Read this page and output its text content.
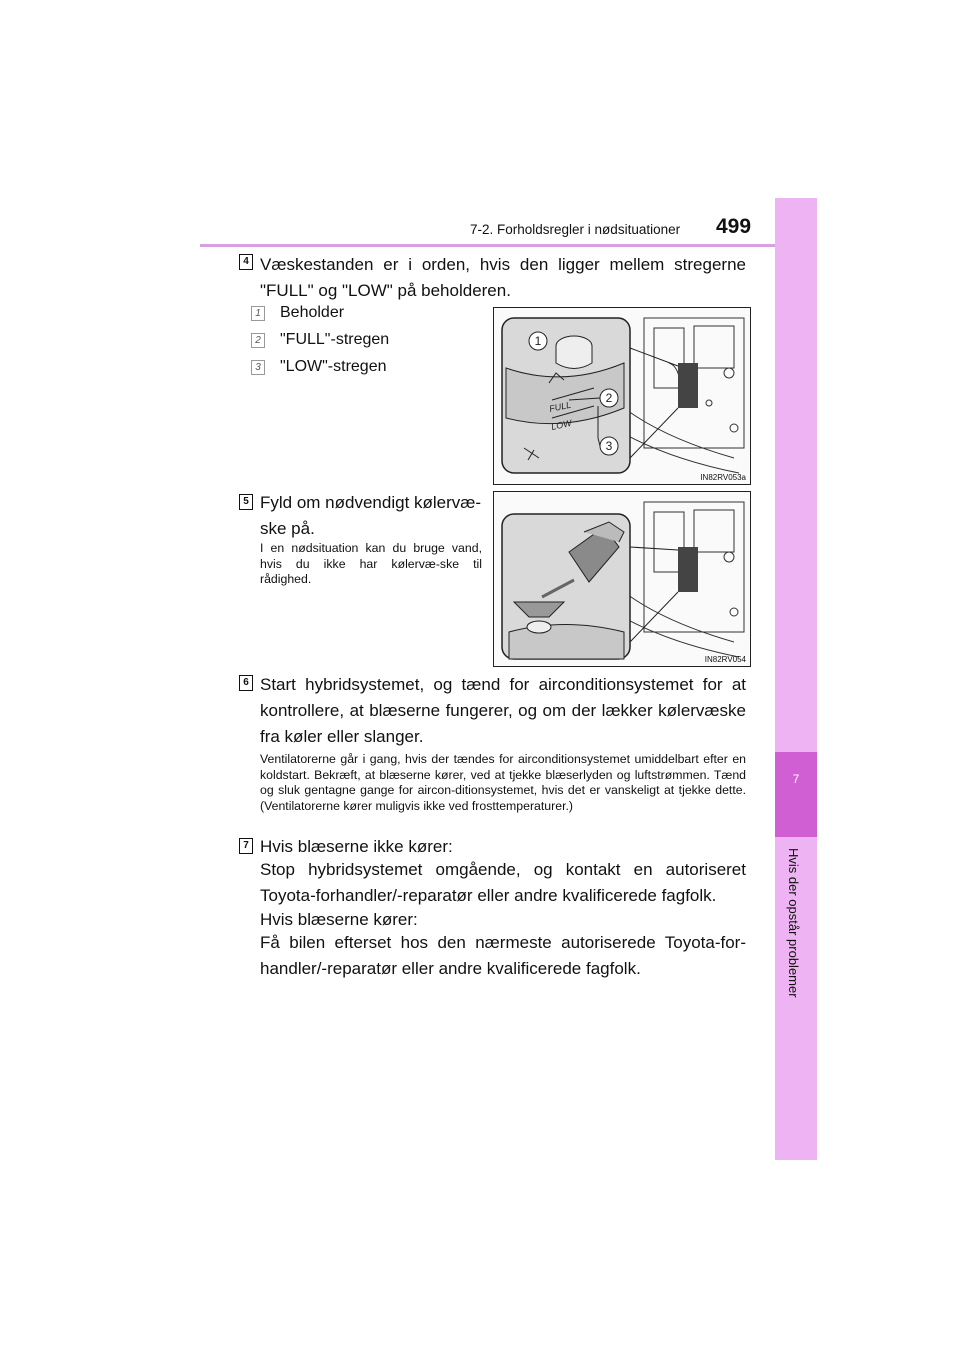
7-2. Forholdsregler i nødsituationer 499
7
Hvis der opstår problemer
4 Væskestanden er i orden, hvis den ligger mellem stregerne "FULL" og "LOW" på beholderen.
1 Beholder
2 "FULL"-stregen
3 "LOW"-stregen
FULL
LOW
1
2
3
IN82RV053a
5 Fyld om nødvendigt kølervæ-ske på.
I en nødsituation kan du bruge vand, hvis du ikke har kølervæ-ske til rådighed.
IN82RV054
6 Start hybridsystemet, og tænd for airconditionsystemet for at kontrollere, at blæserne fungerer, og om der lækker kølervæske fra køler eller slanger.
Ventilatorerne går i gang, hvis der tændes for airconditionsystemet umiddelbart efter en koldstart. Bekræft, at blæserne kører, ved at tjekke blæserlyden og luftstrømmen. Tænd og sluk gentagne gange for aircon-ditionsystemet, hvis det er vanskeligt at tjekke dette. (Ventilatorerne kører muligvis ikke ved frosttemperaturer.)
7 Hvis blæserne ikke kører:
Stop hybridsystemet omgående, og kontakt en autoriseret Toyota-forhandler/-reparatør eller andre kvalificerede fagfolk.
Hvis blæserne kører:
Få bilen efterset hos den nærmeste autoriserede Toyota-for-handler/-reparatør eller andre kvalificerede fagfolk.
